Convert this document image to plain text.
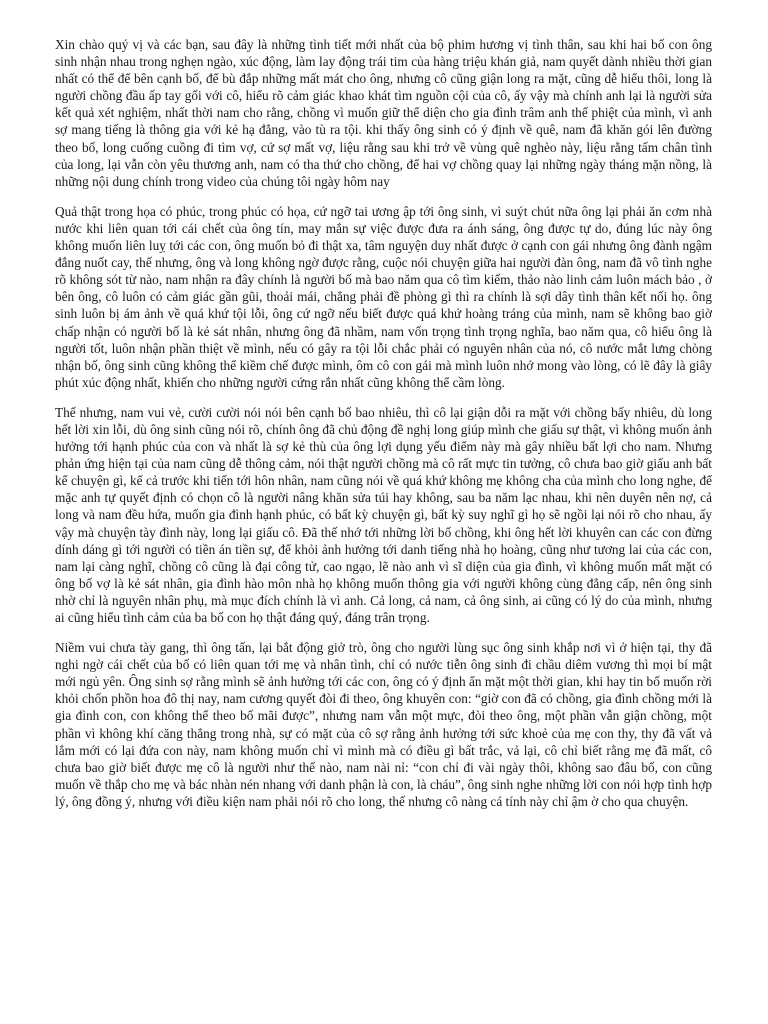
Xin chào quý vị và các bạn, sau đây là những tình tiết mới nhất của bộ phim hương vị tình thân, sau khi hai bố con ông sinh nhận nhau trong nghẹn ngào, xúc động, làm lay động trái tim của hàng triệu khán giả, nam quyết dành nhiều thời gian nhất có thể để bên cạnh bố, để bù đắp những mất mát cho ông, nhưng cô cũng giận long ra mặt, cũng dễ hiểu thôi, long là người chồng đầu ấp tay gối với cô, hiểu rõ cảm giác khao khát tìm nguồn cội của cô, ấy vậy mà chính anh lại là người sửa kết quả xét nghiệm, nhất thời nam cho rằng, chồng vì muốn giữ thể diện cho gia đình trâm anh thế phiệt của mình, vì anh sợ mang tiếng là thông gia với kẻ hạ đẳng, vào tù ra tội. khi thấy ông sinh có ý định về quê, nam đã khăn gói lên đường theo bố, long cuống cuồng đi tìm vợ, cứ sợ mất vợ, liệu rằng sau khi trở về vùng quê nghèo này, liệu rằng tấm chân tình của long, lại vẫn còn yêu thương anh, nam có tha thứ cho chồng, để hai vợ chồng quay lại những ngày tháng mặn nồng, là những nội dung chính trong video của chúng tôi ngày hôm nay

Quả thật trong họa có phúc, trong phúc có họa, cứ ngỡ tai ương ập tới ông sinh, vì suýt chút nữa ông lại phải ăn cơm nhà nước khi liên quan tới cái chết của ông tín, may mắn sự việc được đưa ra ánh sáng, ông được tự do, đúng lúc này ông không muốn liên luỵ tới các con, ông muốn bỏ đi thật xa, tâm nguyện duy nhất được ở cạnh con gái nhưng ông đành ngậm đắng nuốt cay, thế nhưng, ông và long không ngờ được rằng, cuộc nói chuyện giữa hai người đàn ông, nam đã vô tình nghe rõ không sót từ nào, nam nhận ra đây chính là người bố mà bao năm qua cô tìm kiếm, thảo nào linh cảm luôn mách bảo , ở bên ông, cô luôn có cảm giác gần gũi, thoải mái, chẳng phải đề phòng gì thì ra chính là sợi dây tình thân kết nối họ. ông sinh luôn bị ám ảnh về quá khứ tội lỗi, ông cứ ngỡ nếu biết được quá khứ hoàng tráng của mình, nam sẽ không bao giờ chấp nhận có người bố là kẻ sát nhân, nhưng ông đã nhầm, nam vốn trọng tình trọng nghĩa, bao năm qua, cô hiểu ông là người tốt, luôn nhận phần thiệt về mình, nếu có gây ra tội lỗi chắc phải có nguyên nhân của nó, cô nước mắt lưng chòng nhận bố, ông sinh cũng không thể kiềm chế được mình, ôm cô con gái mà mình luôn nhớ mong vào lòng, có lẽ đây là giây phút xúc động nhất, khiến cho những người cứng rắn nhất cũng không thể cầm lòng.

Thế nhưng, nam vui vẻ, cười cười nói nói bên cạnh bố bao nhiêu, thì cô lại giận dỗi ra mặt với chồng bấy nhiêu, dù long hết lời xin lỗi, dù ông sinh cũng nói rõ, chính ông đã chủ động đề nghị long giúp mình che giấu sự thật, vì không muốn ảnh hưởng tới hạnh phúc của con và nhất là sợ kẻ thù của ông lợi dụng yếu điểm này mà gây nhiều bất lợi cho nam. Nhưng phản ứng hiện tại của nam cũng dễ thông cảm, nói thật người chồng mà cô rất mực tin tưởng, cô chưa bao giờ giấu anh bất kể chuyện gì, kể cả trước khi tiến tới hôn nhân, nam cũng nói về quá khứ không mẹ không cha của mình cho long nghe, để mặc anh tự quyết định có chọn cô là người nâng khăn sửa túi hay không, sau ba năm lạc nhau, khi nên duyên nên nợ, cả long và nam đều hứa, muốn gia đình hạnh phúc, có bất kỳ chuyện gì, bất kỳ suy nghĩ gì họ sẽ ngồi lại nói rõ cho nhau, ấy vậy mà chuyện tày đình này, long lại giấu cô. Đã thế nhớ tới những lời bố chồng, khi ông hết lời khuyên can các con đừng dính dáng gì tới người có tiền án tiền sự, để khỏi ảnh hưởng tới danh tiếng nhà họ hoàng, cũng như tương lai của các con, nam lại càng nghĩ, chồng cô cũng là đại công tử, cao ngạo, lẽ nào anh vì sĩ diện của gia đình, vì không muốn mất mặt có ông bố vợ là kẻ sát nhân, gia đình hào môn nhà họ không muốn thông gia với người không cùng đẳng cấp, nên ông sinh nhờ chỉ là nguyên nhân phụ, mà mục đích chính là vì anh. Cả long, cả nam, cả ông sinh, ai cũng có lý do của mình, nhưng ai cũng hiểu tình cảm của ba bố con họ thật đáng quý, đáng trân trọng.

Niềm vui chưa tày gang, thì ông tấn, lại bắt động giở trò, ông cho người lùng sục ông sinh khắp nơi vì ở hiện tại, thy đã nghi ngờ cái chết của bố có liên quan tới mẹ và nhân tình, chỉ có nước tiễn ông sinh đi chầu diêm vương thì mọi bí mật mới ngủ yên. Ông sinh sợ rằng mình sẽ ảnh hưởng tới các con, ông có ý định ẩn mặt một thời gian, khi hay tin bố muốn rời khỏi chốn phồn hoa đô thị nay, nam cương quyết đòi đi theo, ông khuyên con: “giờ con đã có chồng, gia đình chồng mới là gia đình con, con không thể theo bố mãi được”, nhưng nam vẫn một mực, đòi theo ông, một phần vẫn giận chồng, một phần vì không khí căng thẳng trong nhà, sự có mặt của cô sợ rằng ảnh hưởng tới sức khoẻ của mẹ con thy, thy đã vất vả lắm mới có lại đứa con này, nam không muốn chỉ vì mình mà có điều gì bất trắc, vả lại, cô chỉ biết rằng mẹ đã mất, cô chưa bao giờ biết được mẹ cô là người như thế nào, nam nài nỉ: “con chỉ đi vài ngày thôi, không sao đâu bố, con cũng muốn về thắp cho mẹ và bác nhàn nén nhang với danh phận là con, là cháu”, ông sinh nghe những lời con nói hợp tình hợp lý, ông đồng ý, nhưng với điều kiện nam phải nói rõ cho long, thế nhưng cô nàng cá tính này chỉ ậm ờ cho qua chuyện.
